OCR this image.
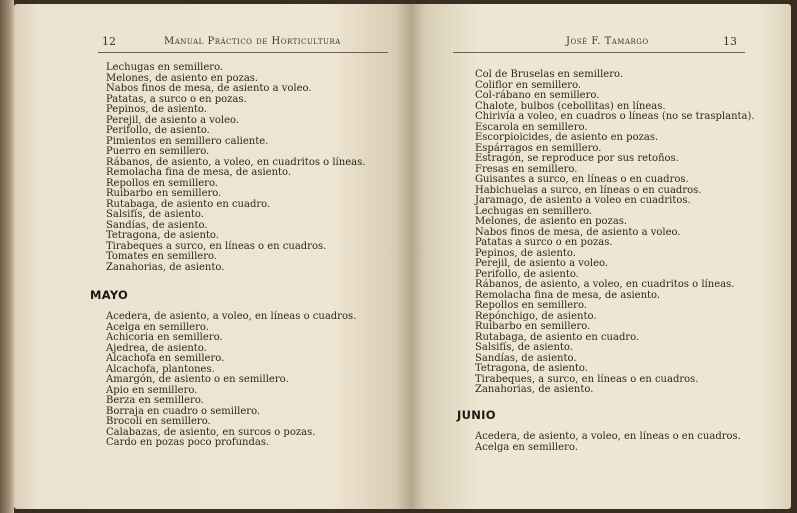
12	Manual Práctico de Horticultura
Lechugas en semillero.
Melones, de asiento en pozas.
Nabos finos de mesa, de asiento a voleo.
Patatas, a surco o en pozas.
Pepinos, de asiento.
Perejil, de asiento a voleo.
Perifollo, de asiento.
Pimientos en semillero caliente.
Puerro en semillero.
Rábanos, de asiento, a voleo, en cuadritos o líneas.
Remolacha fina de mesa, de asiento.
Repollos en semillero.
Ruibarbo en semillero.
Rutabaga, de asiento en cuadro.
Salsifís, de asiento.
Sandías, de asiento.
Tetragona, de asiento.
Tirabeques a surco, en líneas o en cuadros.
Tomates en semillero.
Zanahorias, de asiento.
MAYO
Acedera, de asiento, a voleo, en líneas o cuadros.
Acelga en semillero.
Achicoria en semillero.
Ajedrea, de asiento.
Alcachofa en semillero.
Alcachofa, plantones.
Amargón, de asiento o en semillero.
Apio en semillero.
Berza en semillero.
Borraja en cuadro o semillero.
Brocoli en semillero.
Calabazas, de asiento, en surcos o pozas.
Cardo en pozas poco profundas.
José F. Tamargo	13
Col de Bruselas en semillero.
Coliflor en semillero.
Col-rábano en semillero.
Chalote, bulbos (cebollitas) en líneas.
Chirivía a voleo, en cuadros o líneas (no se trasplanta).
Escarola en semillero.
Escorpioicides, de asiento en pozas.
Espárragos en semillero.
Estragón, se reproduce por sus retoños.
Fresas en semillero.
Guisantes a surco, en líneas o en cuadros.
Habichuelas a surco, en líneas o en cuadros.
Jaramago, de asiento a voleo en cuadritos.
Lechugas en semillero.
Melones, de asiento en pozas.
Nabos finos de mesa, de asiento a voleo.
Patatas a surco o en pozas.
Pepinos, de asiento.
Perejil, de asiento a voleo.
Perifollo, de asiento.
Rábanos, de asiento, a voleo, en cuadritos o líneas.
Remolacha fina de mesa, de asiento.
Repollos en semillero.
Repónchigo, de asiento.
Ruibarbo en semillero.
Rutabaga, de asiento en cuadro.
Salsifís, de asiento.
Sandías, de asiento.
Tetragona, de asiento.
Tirabeques, a surco, en líneas o en cuadros.
Zanahorias, de asiento.
JUNIO
Acedera, de asiento, a voleo, en líneas o en cuadros.
Acelga en semillero.
